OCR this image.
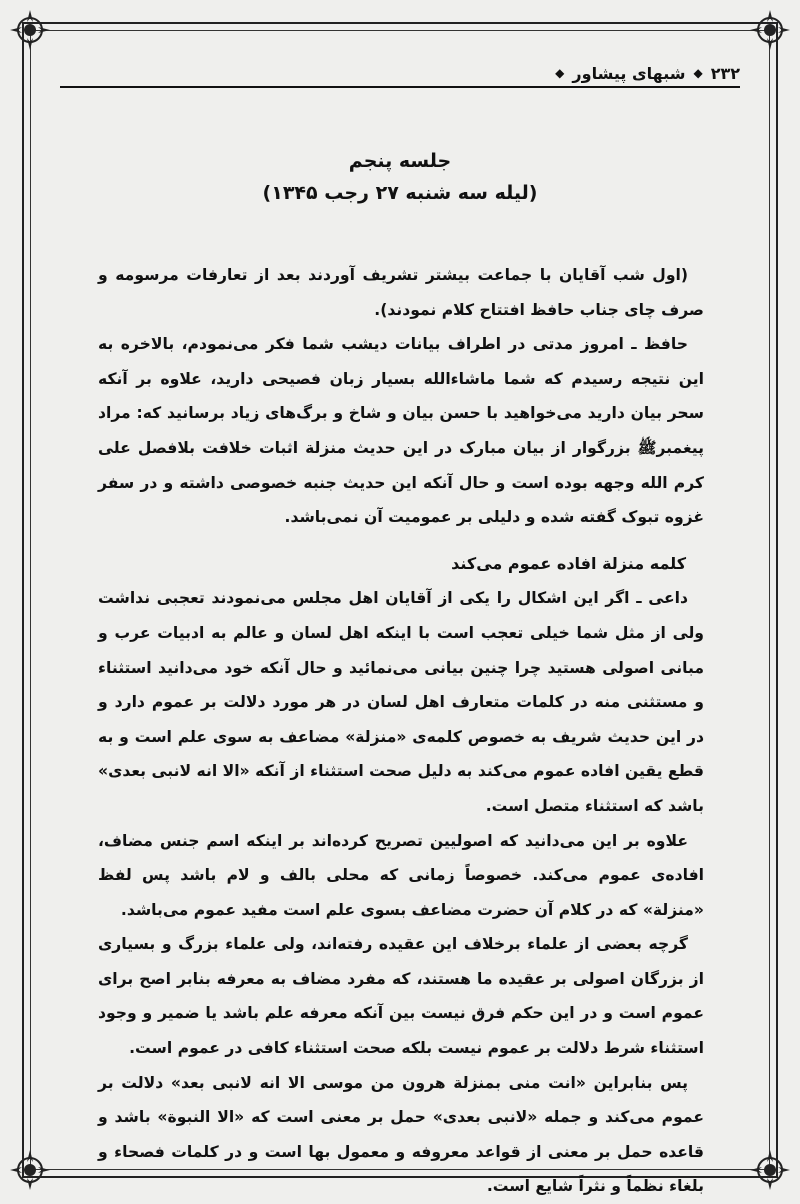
۲۳۲
◆
شبهای پیشاور
◆
جلسه پنجم
(لیله سه شنبه ۲۷ رجب ۱۳۴۵)

(اول شب آقایان با جماعت بیشتر تشریف آوردند بعد از تعارفات مرسومه و صرف چای جناب حافظ افتتاح کلام نمودند).

حافظ ـ امروز مدتی در اطراف بیانات دیشب شما فکر می‌نمودم، بالاخره به این نتیجه رسیدم که شما ماشاءالله بسیار زبان فصیحی دارید، علاوه بر آنکه سحر بیان دارید می‌خواهید با حسن بیان و شاخ و برگ‌های زیاد برسانید که: مراد پیغمبرﷺ بزرگوار از بیان مبارک در این حدیث منزلة اثبات خلافت بلافصل علی کرم الله وجهه بوده است و حال آنکه این حدیث جنبه خصوصی داشته و در سفر غزوه تبوک گفته شده و دلیلی بر عمومیت آن نمی‌باشد.

کلمه منزلة افاده عموم می‌کند

داعی ـ اگر این اشکال را یکی از آقایان اهل مجلس می‌نمودند تعجبی نداشت ولی از مثل شما خیلی تعجب است با اینکه اهل لسان و عالم به ادبیات عرب و مبانی اصولی هستید چرا چنین بیانی می‌نمائید و حال آنکه خود می‌دانید استثناء و مستثنی منه در کلمات متعارف اهل لسان در هر مورد دلالت بر عموم دارد و در این حدیث شریف به خصوص کلمه‌ی «منزلة» مضاعف به سوی علم است و به قطع یقین افاده عموم می‌کند به دلیل صحت استثناء از آنکه «الا انه لانبی بعدی» باشد که استثناء متصل است.

علاوه بر این می‌دانید که اصولیین تصریح کرده‌اند بر اینکه اسم جنس مضاف، افاده‌ی عموم می‌کند. خصوصاً زمانی که محلی بالف و لام باشد پس لفظ «منزلة» که در کلام آن حضرت مضاعف بسوی علم است مفید عموم می‌باشد.

گرچه بعضی از علماء برخلاف این عقیده رفته‌اند، ولی علماء بزرگ و بسیاری از بزرگان اصولی بر عقیده ما هستند، که مفرد مضاف به معرفه بنابر اصح برای عموم است و در این حکم فرق نیست بین آنکه معرفه علم باشد یا ضمیر و وجود استثناء شرط دلالت بر عموم نیست بلکه صحت استثناء کافی در عموم است.

پس بنابراین «انت منی بمنزلة هرون من موسی الا انه لانبی بعد» دلالت بر عموم می‌کند و جمله «لانبی بعدی» حمل بر معنی است که «الا النبوة» باشد و قاعده حمل بر معنی از قواعد معروفه و معمول بها است و در کلمات فصحاء و بلغاء نظماً و نثراً شایع است.
